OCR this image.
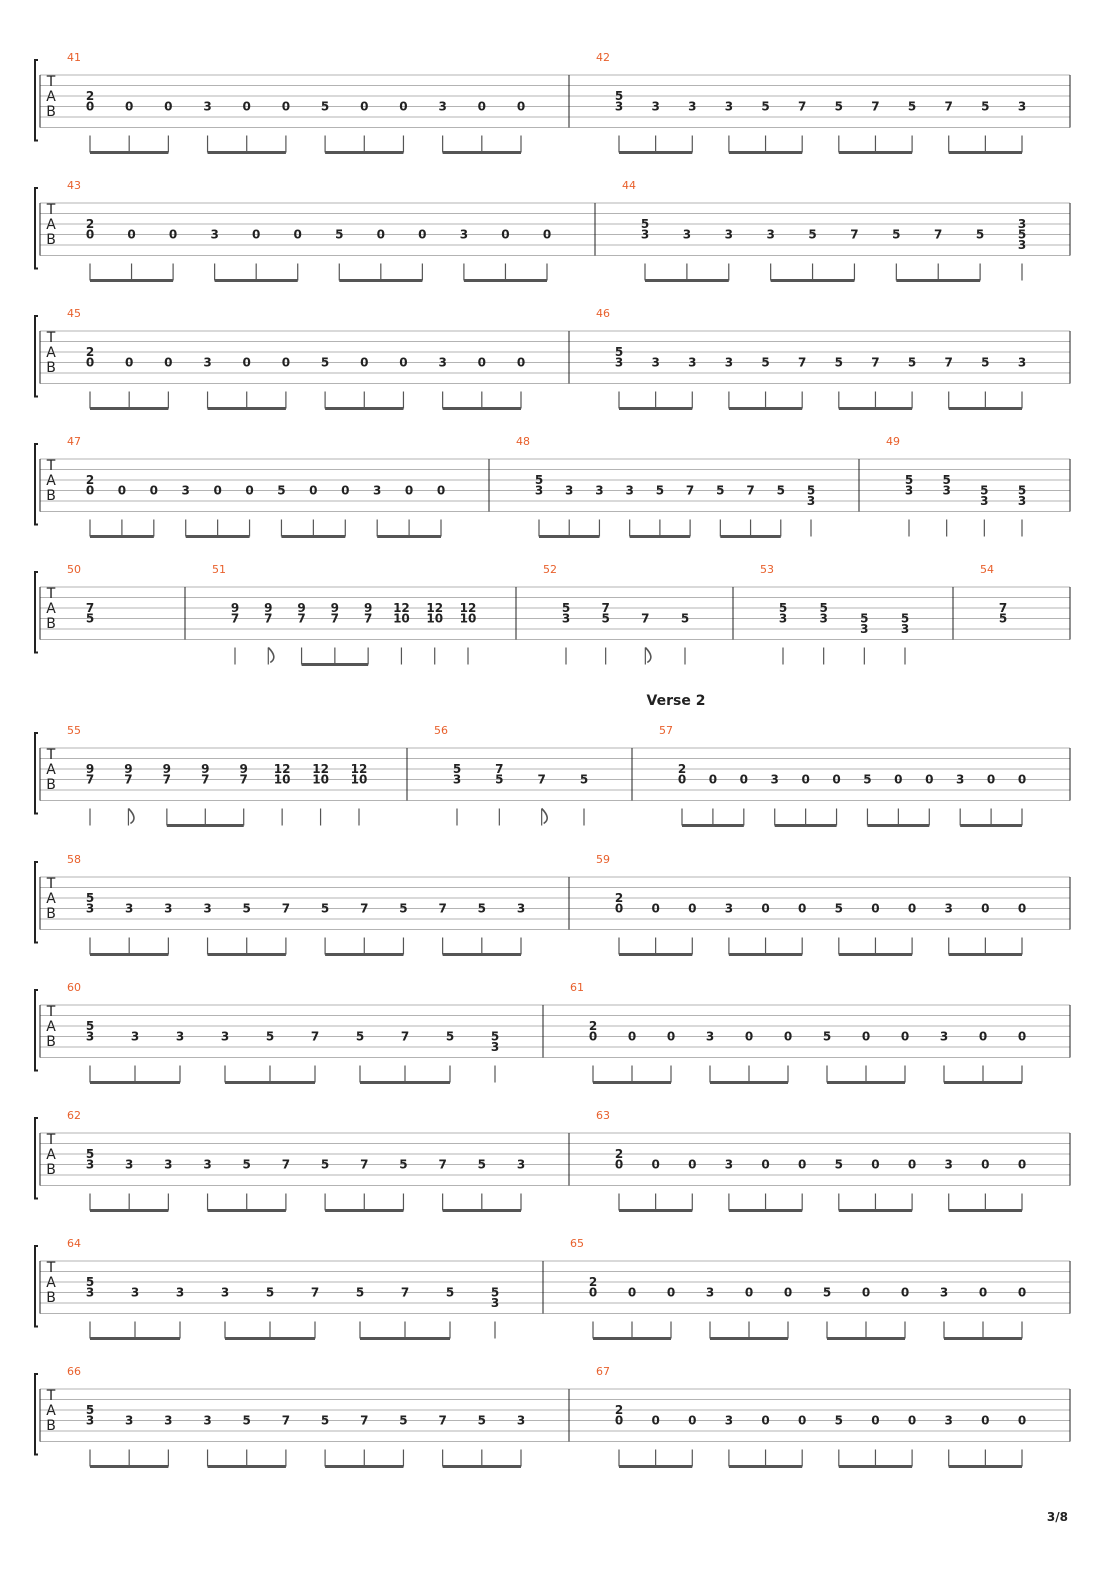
T
A
B
41
0
2
0	0	3	0	0	5	0	0	3	0	0
42
3
5
3 3 3 5 7 5 7 5 7 5 3
T
A
B
43
0
2
0	0	3	0	0	5	0	0	3	0	0
44
3
5
3	3	3	5	7	5	7	5	5
3
3
T
A
B
45
0
2
0	0	3	0	0	5	0	0	3	0	0
46
3
5
3 3 3 5 7 5 7 5 7 5 3
T
A
B
47
0
2
0 0 3 0 0 5 0 0 3 0 0
48
3
5
3 3 3 5 7 5 7 5 5
3
49
3
5
3
5
5 5
3 3
T
A
B
50
5
7
51
7
9
7
9
7
9
7
9
7
9
10
12
10
12
10
12
52
3
5
5
7
7	5
53
3
5
3
5
5	5
3	3
54
5
7
T
A
B
55
7
9
7
9
7
9
7
9
7
9
10
12
10
12
10
12
56
3
5
5
7
7	5
57
0
2
0 0 3 0 0 5 0 0 3 0 0
T
A
B
58
3
5
3	3	3	5	7	5	7	5	7	5	3
59
0
2
0 0 3 0 0 5 0 0 3 0 0
T
A
B
60
3
5
3	3	3	5	7	5	7	5	5
3
61
0
2
0	0	3	0	0	5	0	0	3	0	0
T
A
B
62
3
5
3	3	3	5	7	5	7	5	7	5	3
63
0
2
0 0 3 0 0 5 0 0 3 0 0
T
A
B
64
3
5
3	3	3	5	7	5	7	5	5
3
65
0
2
0	0	3	0	0	5	0	0	3	0	0
T
A
B
66
3
5
3	3	3	5	7	5	7	5	7	5	3
67
0
2
0 0 3 0 0 5 0 0 3 0 0
Verse 2
3/8
